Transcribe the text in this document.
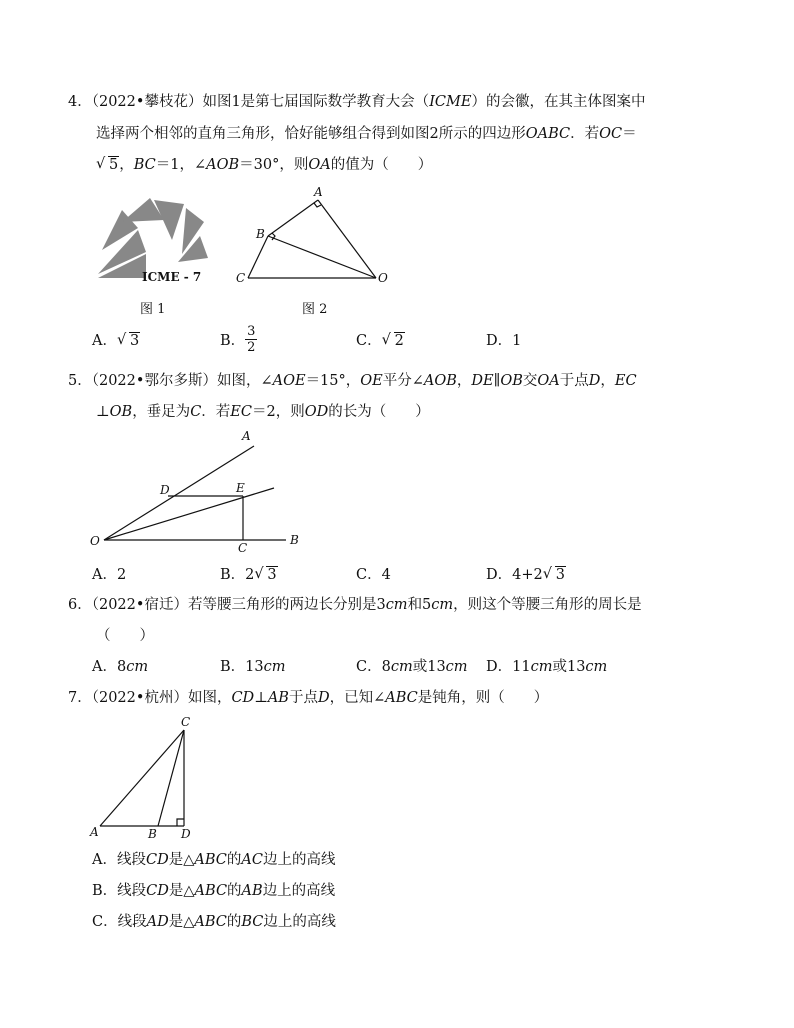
4．（2022•攀枝花）如图1是第七届国际数学教育大会（ICME）的会徽，在其主体图案中
选择两个相邻的直角三角形，恰好能够组合得到如图2所示的四边形OABC．若OC＝
√ 5，BC＝1，∠AOB＝30°，则OA的值为（　　）
ICME - 7
图 1
A
B
C	O
图 2
A． √ 3	B． $\frac{3}{2}$	C． √ 2	D．1
5．（2022•鄂尔多斯）如图，∠AOE＝15°，OE平分∠AOB，DE∥OB交OA于点D，EC
⊥OB，垂足为C．若EC＝2，则OD的长为（　　）
A
D	E
O	C
B
A．2	B．2 √ 3	C．4	D．4+2 √ 3
6．（2022•宿迁）若等腰三角形的两边长分别是3cm和5cm，则这个等腰三角形的周长是
（　　）
A．8cm	B．13cm	C．8cm或13cm D．11cm或13cm
7．（2022•杭州）如图，CD⊥AB于点D，已知∠ABC是钝角，则（　　）
C
A	B D
A．线段CD是△ABC的AC边上的高线
B．线段CD是△ABC的AB边上的高线
C．线段AD是△ABC的BC边上的高线
